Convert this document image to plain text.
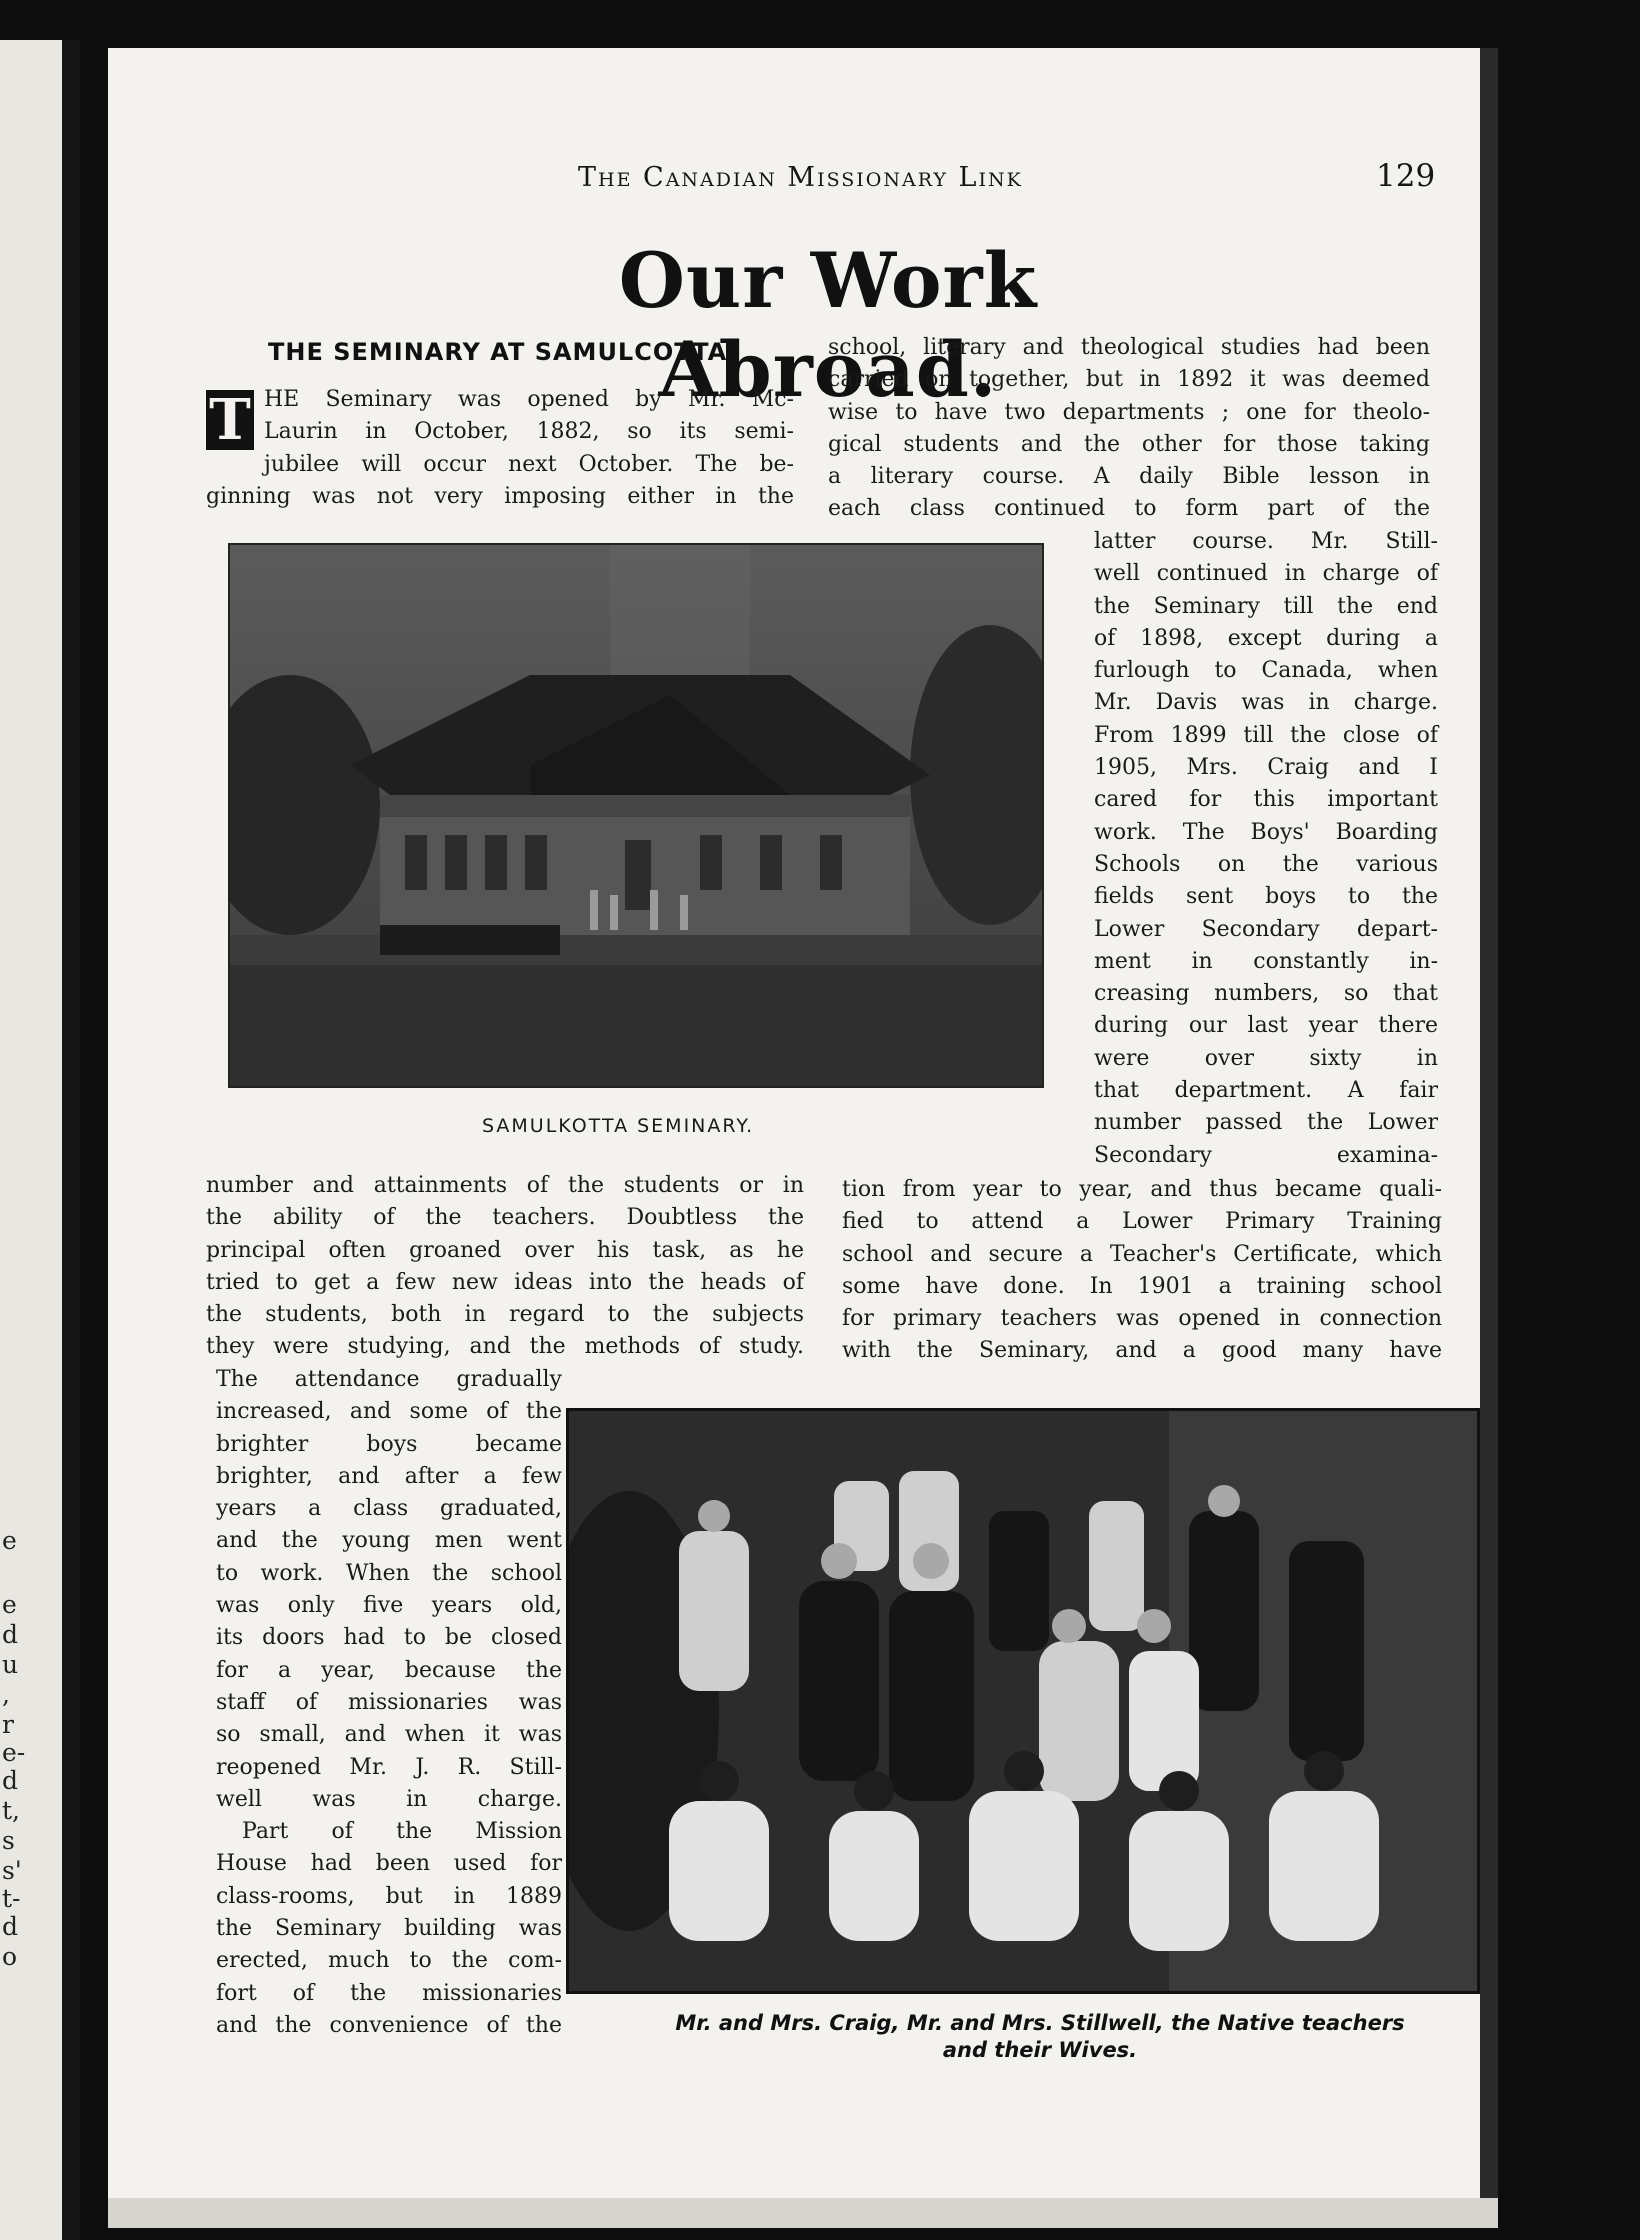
e
e
d
u
,
r
e-
d
t,
s
s'
t-
d
o
The Canadian Missionary Link	129
Our Work Abroad.
THE SEMINARY AT SAMULCOTTA.
T HE Seminary was opened by Mr. Mc-
Laurin in October, 1882, so its semi-
jubilee will occur next October. The be-
ginning was not very imposing either in the
school, literary and theological studies had been
carried on together, but in 1892 it was deemed
wise to have two departments ; one for theolo-
gical students and the other for those taking
a literary course. A daily Bible lesson in
each class continued to form part of the
latter course. Mr. Still-
well continued in charge of
the Seminary till the end
of 1898, except during a
furlough to Canada, when
Mr. Davis was in charge.
From 1899 till the close of
1905, Mrs. Craig and I
cared for this important
work. The Boys' Boarding
Schools on the various
fields sent boys to the
Lower Secondary depart-
ment in constantly in-
creasing numbers, so that
during our last year there
were over sixty in
that department. A fair
number passed the Lower
Secondary examina-
SAMULKOTTA SEMINARY.
number and attainments of the students or in
the ability of the teachers. Doubtless the
principal often groaned over his task, as he
tried to get a few new ideas into the heads of
the students, both in regard to the subjects
they were studying, and the methods of study.
tion from year to year, and thus became quali-
fied to attend a Lower Primary Training
school and secure a Teacher's Certificate, which
some have done. In 1901 a training school
for primary teachers was opened in connection
with the Seminary, and a good many have
The attendance gradually
increased, and some of the
brighter boys became
brighter, and after a few
years a class graduated,
and the young men went
to work. When the school
was only five years old,
its doors had to be closed
for a year, because the
staff of missionaries was
so small, and when it was
reopened Mr. J. R. Still-
well was in charge.
Part of the Mission
House had been used for
class-rooms, but in 1889
the Seminary building was
erected, much to the com-
fort of the missionaries
and the convenience of the	Mr. and Mrs. Craig, Mr. and Mrs. Stillwell, the Native teachers and their Wives.
